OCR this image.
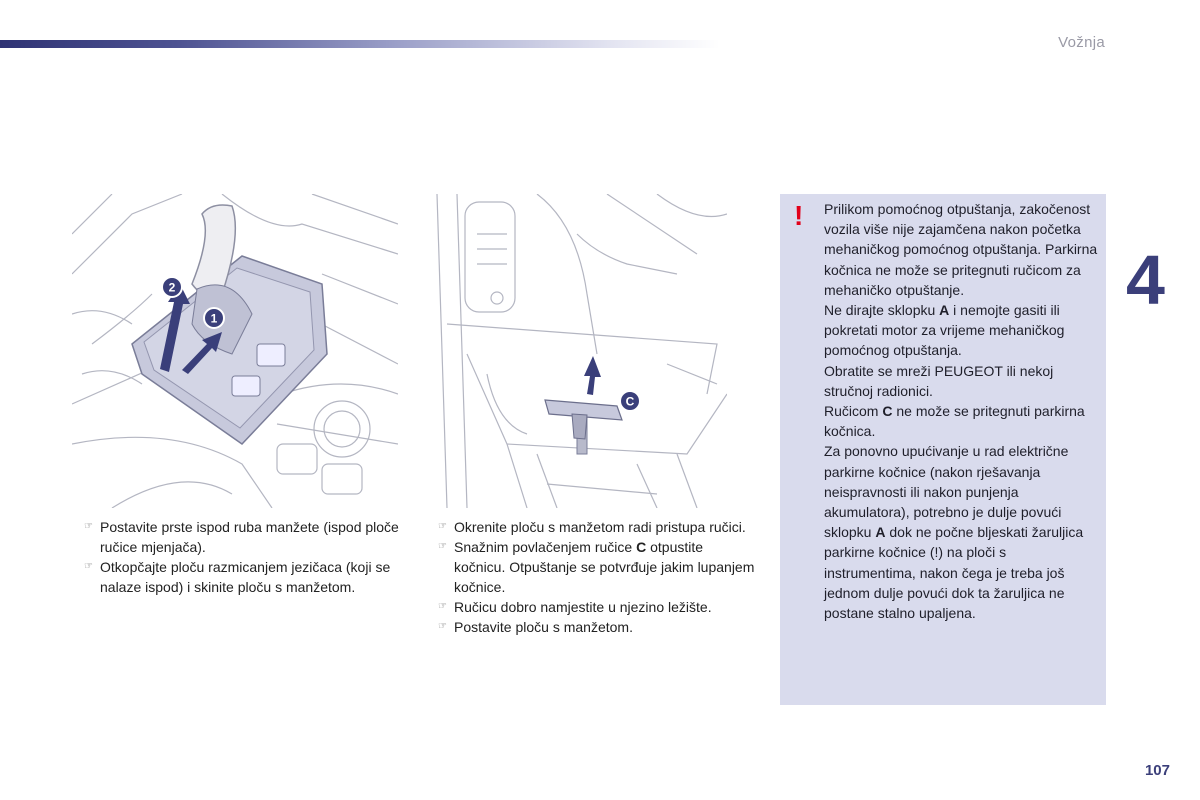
Vožnja
4
2
1
C
☞ Postavite prste ispod ruba manžete (ispod ploče ručice mjenjača).
☞ Otkopčajte ploču razmicanjem jezičaca (koji se nalaze ispod) i skinite ploču s manžetom.
☞ Okrenite ploču s manžetom radi pristupa ručici.
☞ Snažnim povlačenjem ručice C otpustite kočnicu. Otpuštanje se potvrđuje jakim lupanjem kočnice.
☞ Ručicu dobro namjestite u njezino ležište.
☞ Postavite ploču s manžetom.
! Prilikom pomoćnog otpuštanja, zakočenost vozila više nije zajamčena nakon početka mehaničkog pomoćnog otpuštanja. Parkirna kočnica ne može se pritegnuti ručicom za mehaničko otpuštanje.

Ne dirajte sklopku A i nemojte gasiti ili pokretati motor za vrijeme mehaničkog pomoćnog otpuštanja.

Obratite se mreži PEUGEOT ili nekoj stručnoj radionici.

Ručicom C ne može se pritegnuti parkirna kočnica.

Za ponovno upućivanje u rad električne parkirne kočnice (nakon rješavanja neispravnosti ili nakon punjenja akumulatora), potrebno je dulje povući sklopku A dok ne počne bljeskati žaruljica parkirne kočnice (!) na ploči s instrumentima, nakon čega je treba još jednom dulje povući dok ta žaruljica ne postane stalno upaljena.

107
